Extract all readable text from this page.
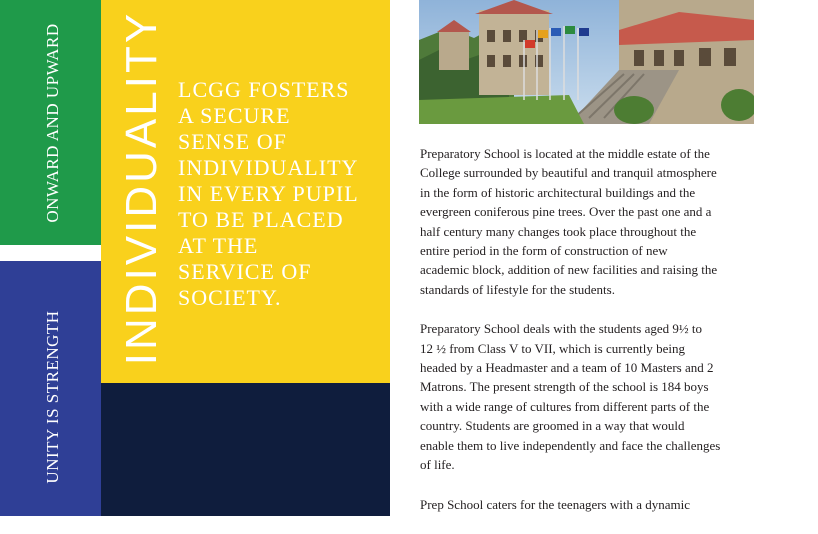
ONWARD AND UPWARD
UNITY IS STRENGTH
INDIVIDUALITY LCGG FOSTERS
A SECURE
SENSE OF
INDIVIDUALITY
IN EVERY PUPIL
TO BE PLACED
AT THE
SERVICE OF
SOCIETY.

Preparatory School is located at the middle estate of the
College surrounded by beautiful and tranquil atmosphere
in the form of historic architectural buildings and the
evergreen coniferous pine trees. Over the past one and a
half century many changes took place throughout the
entire period in the form of construction of new
academic block, addition of new facilities and raising the
standards of lifestyle for the students.

Preparatory School deals with the students aged 9½ to
12 ½ from Class V to VII, which is currently being
headed by a Headmaster and a team of 10 Masters and 2
Matrons. The present strength of the school is 184 boys
with a wide range of cultures from different parts of the
country. Students are groomed in a way that would
enable them to live independently and face the challenges
of life.

Prep School caters for the teenagers with a dynamic
